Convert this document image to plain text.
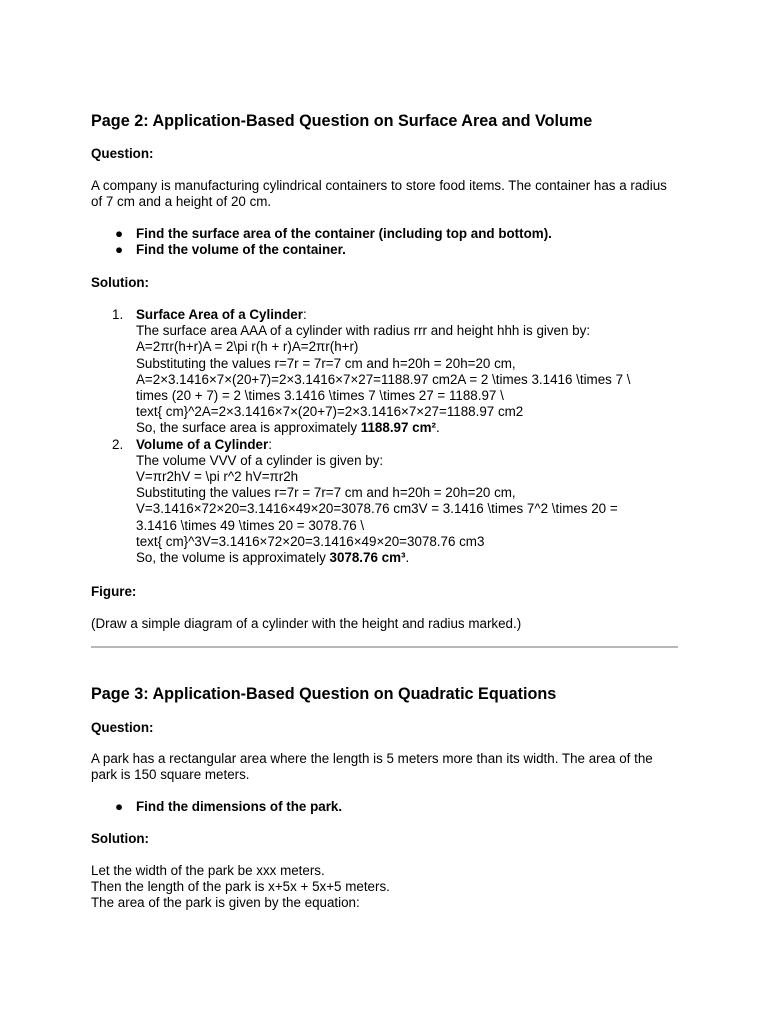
Page 2: Application-Based Question on Surface Area and Volume

Question:

A company is manufacturing cylindrical containers to store food items. The container has a radius of 7 cm and a height of 20 cm.

● Find the surface area of the container (including top and bottom).
● Find the volume of the container.

Solution:

1. Surface Area of a Cylinder:
The surface area AAA of a cylinder with radius rrr and height hhh is given by:
A=2πr(h+r)A = 2\pi r(h + r)A=2πr(h+r)
Substituting the values r=7r = 7r=7 cm and h=20h = 20h=20 cm,
A=2×3.1416×7×(20+7)=2×3.1416×7×27=1188.97 cm2A = 2 \times 3.1416 \times 7 \
times (20 + 7) = 2 \times 3.1416 \times 7 \times 27 = 1188.97 \
text{ cm}^2A=2×3.1416×7×(20+7)=2×3.1416×7×27=1188.97 cm2
So, the surface area is approximately 1188.97 cm².
2. Volume of a Cylinder:
The volume VVV of a cylinder is given by:
V=πr2hV = \pi r^2 hV=πr2h
Substituting the values r=7r = 7r=7 cm and h=20h = 20h=20 cm,
V=3.1416×72×20=3.1416×49×20=3078.76 cm3V = 3.1416 \times 7^2 \times 20 =
3.1416 \times 49 \times 20 = 3078.76 \
text{ cm}^3V=3.1416×72×20=3.1416×49×20=3078.76 cm3
So, the volume is approximately 3078.76 cm³.

Figure:

(Draw a simple diagram of a cylinder with the height and radius marked.)

Page 3: Application-Based Question on Quadratic Equations

Question:

A park has a rectangular area where the length is 5 meters more than its width. The area of the park is 150 square meters.

● Find the dimensions of the park.

Solution:

Let the width of the park be xxx meters.
Then the length of the park is x+5x + 5x+5 meters.
The area of the park is given by the equation:
